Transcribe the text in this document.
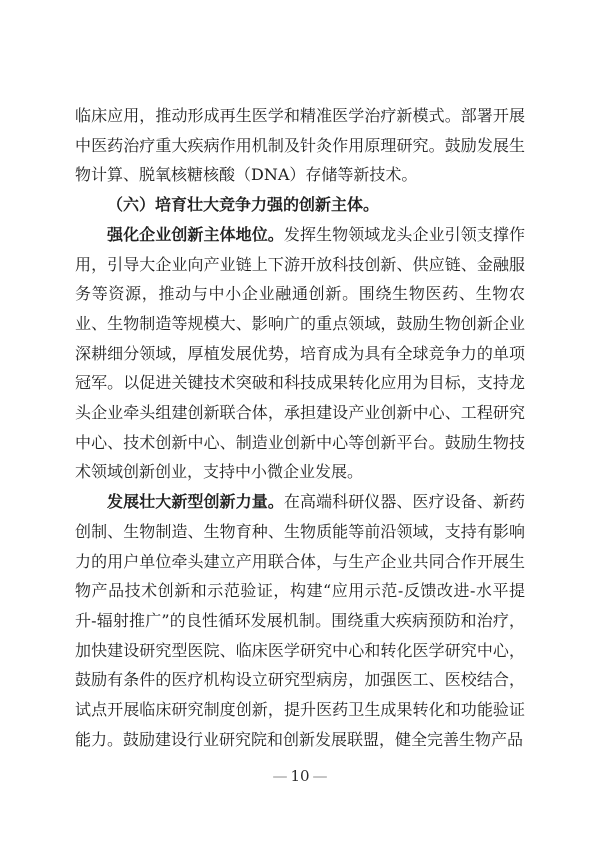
临床应用，推动形成再生医学和精准医学治疗新模式。部署开展中医药治疗重大疾病作用机制及针灸作用原理研究。鼓励发展生物计算、脱氧核糖核酸（DNA）存储等新技术。

（六）培育壮大竞争力强的创新主体。

强化企业创新主体地位。发挥生物领域龙头企业引领支撑作用，引导大企业向产业链上下游开放科技创新、供应链、金融服务等资源，推动与中小企业融通创新。围绕生物医药、生物农业、生物制造等规模大、影响广的重点领域，鼓励生物创新企业深耕细分领域，厚植发展优势，培育成为具有全球竞争力的单项冠军。以促进关键技术突破和科技成果转化应用为目标，支持龙头企业牵头组建创新联合体，承担建设产业创新中心、工程研究中心、技术创新中心、制造业创新中心等创新平台。鼓励生物技术领域创新创业，支持中小微企业发展。

发展壮大新型创新力量。在高端科研仪器、医疗设备、新药创制、生物制造、生物育种、生物质能等前沿领域，支持有影响力的用户单位牵头建立产用联合体，与生产企业共同合作开展生物产品技术创新和示范验证，构建“应用示范-反馈改进-水平提升-辐射推广”的良性循环发展机制。围绕重大疾病预防和治疗，加快建设研究型医院、临床医学研究中心和转化医学研究中心，鼓励有条件的医疗机构设立研究型病房，加强医工、医校结合，试点开展临床研究制度创新，提升医药卫生成果转化和功能验证能力。鼓励建设行业研究院和创新发展联盟，健全完善生物产品

— 10 —
